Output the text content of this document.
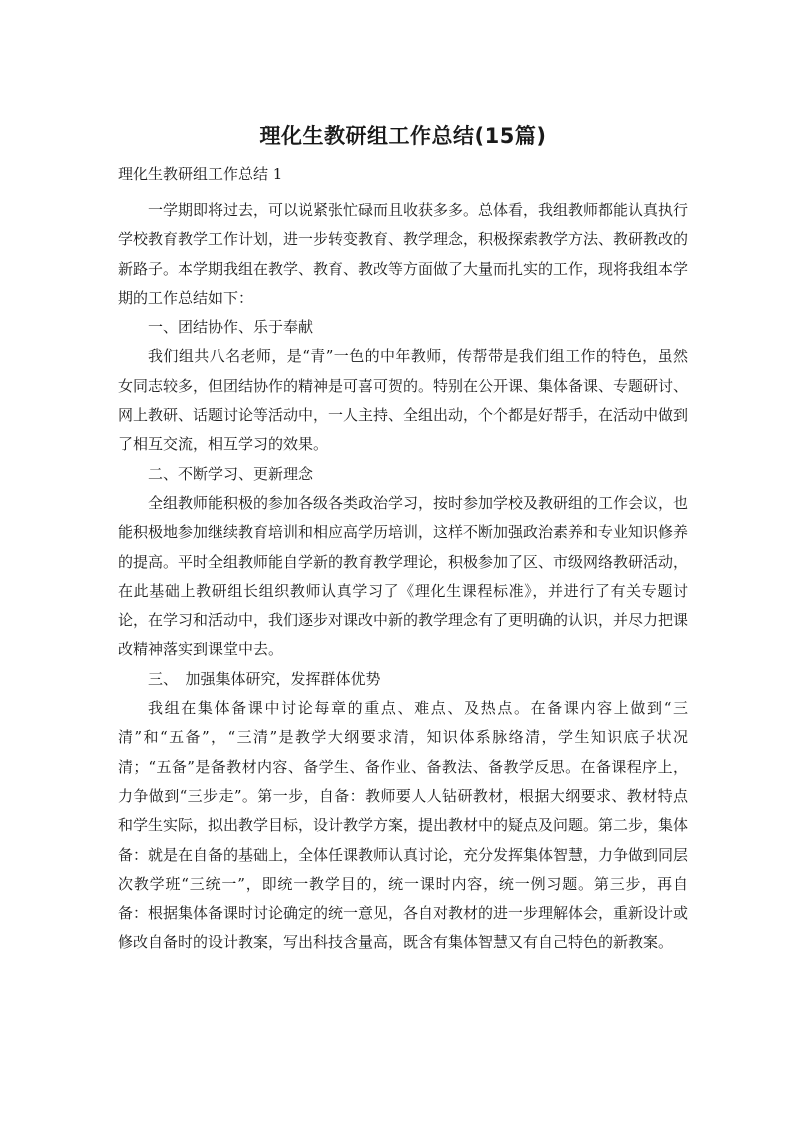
理化生教研组工作总结(15篇)
理化生教研组工作总结 1

一学期即将过去，可以说紧张忙碌而且收获多多。总体看，我组教师都能认真执行学校教育教学工作计划，进一步转变教育、教学理念，积极探索教学方法、教研教改的新路子。本学期我组在教学、教育、教改等方面做了大量而扎实的工作，现将我组本学期的工作总结如下：

一、团结协作、乐于奉献

我们组共八名老师，是“青”一色的中年教师，传帮带是我们组工作的特色，虽然女同志较多，但团结协作的精神是可喜可贺的。特别在公开课、集体备课、专题研讨、网上教研、话题讨论等活动中，一人主持、全组出动，个个都是好帮手，在活动中做到了相互交流，相互学习的效果。

二、不断学习、更新理念

全组教师能积极的参加各级各类政治学习，按时参加学校及教研组的工作会议，也能积极地参加继续教育培训和相应高学历培训，这样不断加强政治素养和专业知识修养的提高。平时全组教师能自学新的教育教学理论，积极参加了区、市级网络教研活动，在此基础上教研组长组织教师认真学习了《理化生课程标准》，并进行了有关专题讨论，在学习和活动中，我们逐步对课改中新的教学理念有了更明确的认识，并尽力把课改精神落实到课堂中去。

三、　加强集体研究，发挥群体优势

我组在集体备课中讨论每章的重点、难点、及热点。在备课内容上做到“三清”和“五备”，“三清”是教学大纲要求清，知识体系脉络清，学生知识底子状况清；“五备”是备教材内容、备学生、备作业、备教法、备教学反思。在备课程序上，力争做到“三步走”。第一步，自备：教师要人人钻研教材，根据大纲要求、教材特点和学生实际，拟出教学目标，设计教学方案，提出教材中的疑点及问题。第二步，集体备：就是在自备的基础上，全体任课教师认真讨论，充分发挥集体智慧，力争做到同层次教学班“三统一”，即统一教学目的，统一课时内容，统一例习题。第三步，再自备：根据集体备课时讨论确定的统一意见，各自对教材的进一步理解体会，重新设计或修改自备时的设计教案，写出科技含量高，既含有集体智慧又有自己特色的新教案。
